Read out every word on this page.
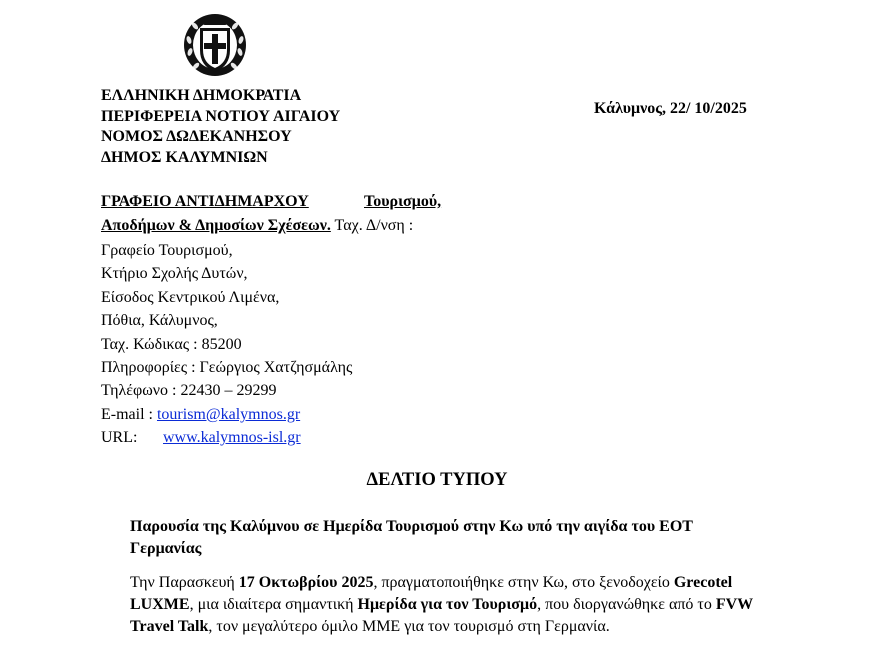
ΕΛΛΗΝΙΚΗ ΔΗΜΟΚΡΑΤΙΑ
ΠΕΡΙΦΕΡΕΙΑ ΝΟΤΙΟΥ ΑΙΓΑΙΟΥ
ΝΟΜΟΣ ΔΩΔΕΚΑΝΗΣΟΥ
ΔΗΜΟΣ ΚΑΛΥΜΝΙΩΝ
Κάλυμνος, 22/ 10/2025
ΓΡΑΦΕΙΟ ΑΝΤΙΔΗΜΑΡΧΟΥ	Τουρισμού,
Αποδήμων & Δημοσίων Σχέσεων. Ταχ. Δ/νση :
Γραφείο Τουρισμού,
Κτήριο Σχολής Δυτών,
Είσοδος Κεντρικού Λιμένα,
Πόθια, Κάλυμνος,
Ταχ. Κώδικας : 85200
Πληροφορίες : Γεώργιος Χατζησμάλης
Τηλέφωνο : 22430 – 29299
E-mail : tourism@kalymnos.gr
URL: www.kalymnos-isl.gr
ΔΕΛΤΙΟ ΤΥΠΟΥ
Παρουσία της Καλύμνου σε Ημερίδα Τουρισμού στην Κω υπό την αιγίδα του ΕΟΤ Γερμανίας
Την Παρασκευή 17 Οκτωβρίου 2025, πραγματοποιήθηκε στην Κω, στο ξενοδοχείο Grecotel LUXME, μια ιδιαίτερα σημαντική Ημερίδα για τον Τουρισμό, που διοργανώθηκε από το FVW Travel Talk, τον μεγαλύτερο όμιλο ΜΜΕ για τον τουρισμό στη Γερμανία.
